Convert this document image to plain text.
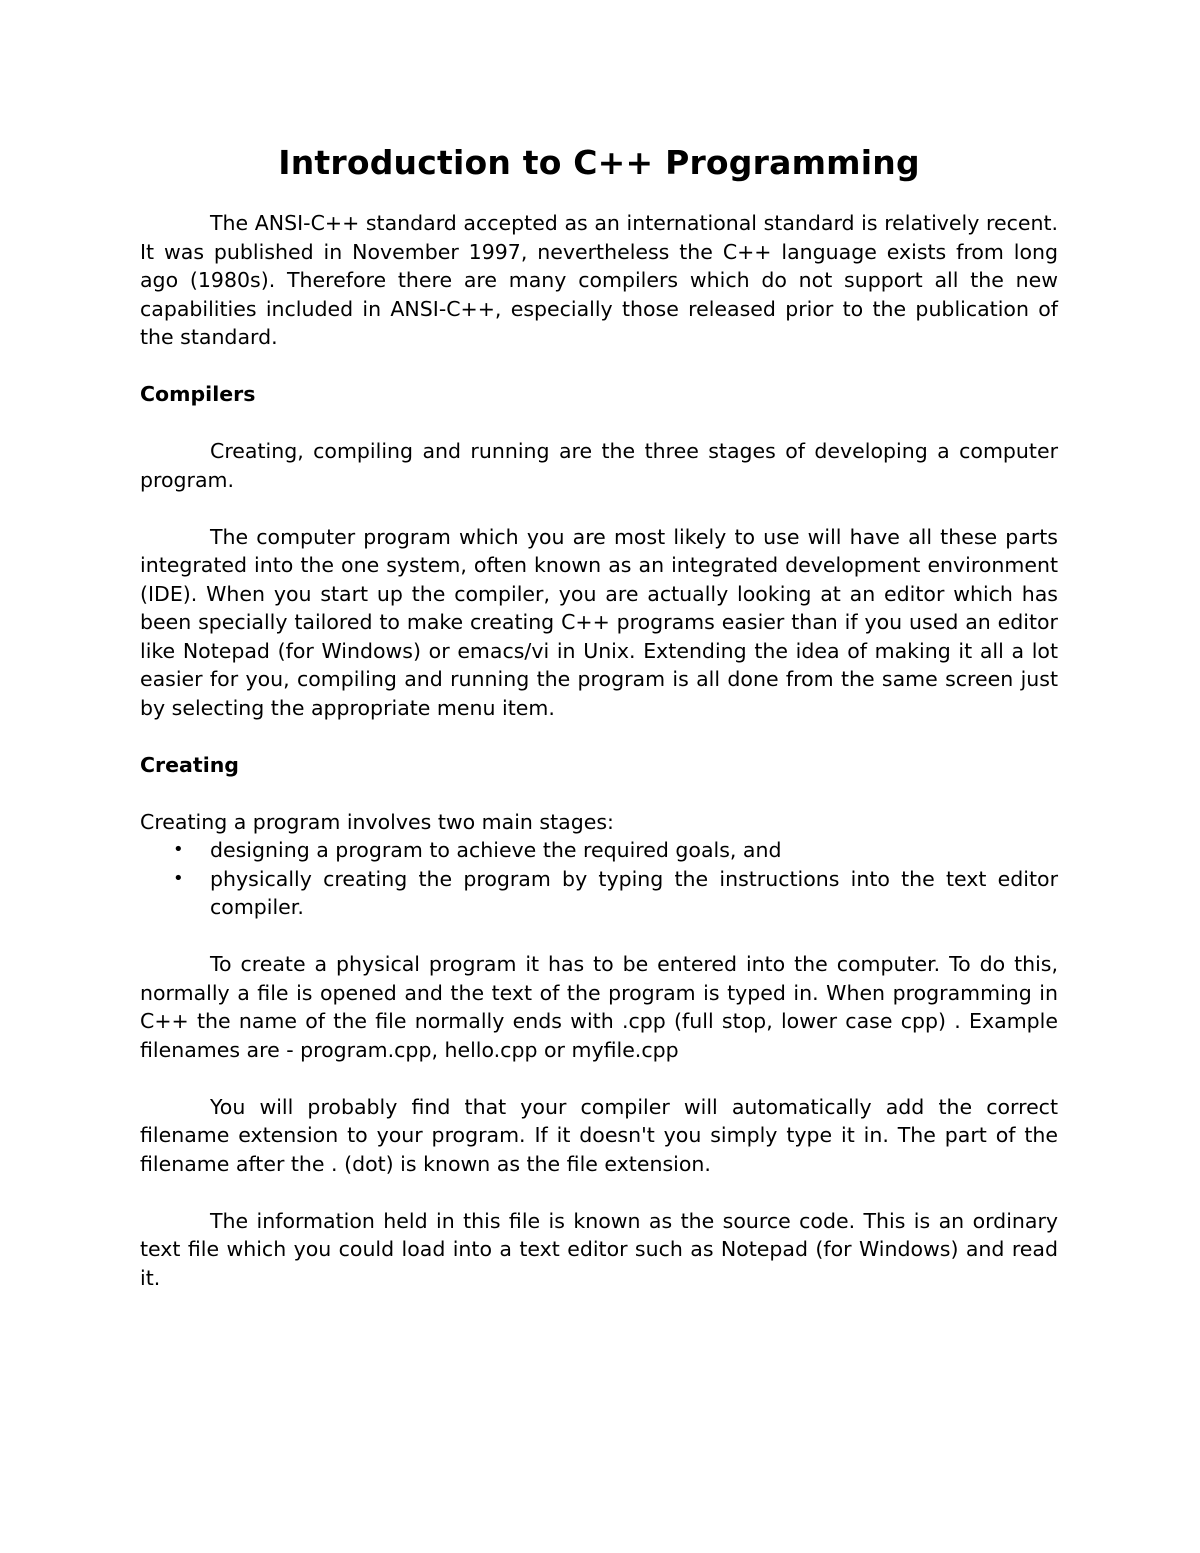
Introduction to C++ Programming

The ANSI-C++ standard accepted as an international standard is relatively recent. It was published in November 1997, nevertheless the C++ language exists from long ago (1980s). Therefore there are many compilers which do not support all the new capabilities included in ANSI-C++, especially those released prior to the publication of the standard.

Compilers

Creating, compiling and running are the three stages of developing a computer program.

The computer program which you are most likely to use will have all these parts integrated into the one system, often known as an integrated development environment (IDE). When you start up the compiler, you are actually looking at an editor which has been specially tailored to make creating C++ programs easier than if you used an editor like Notepad (for Windows) or emacs/vi in Unix. Extending the idea of making it all a lot easier for you, compiling and running the program is all done from the same screen just by selecting the appropriate menu item.

Creating

Creating a program involves two main stages:

• designing a program to achieve the required goals, and
• physically creating the program by typing the instructions into the text editor compiler.

To create a physical program it has to be entered into the computer. To do this, normally a file is opened and the text of the program is typed in. When programming in C++ the name of the file normally ends with .cpp (full stop, lower case cpp) . Example filenames are - program.cpp, hello.cpp or myfile.cpp

You will probably find that your compiler will automatically add the correct filename extension to your program. If it doesn't you simply type it in. The part of the filename after the . (dot) is known as the file extension.

The information held in this file is known as the source code. This is an ordinary text file which you could load into a text editor such as Notepad (for Windows) and read it.
